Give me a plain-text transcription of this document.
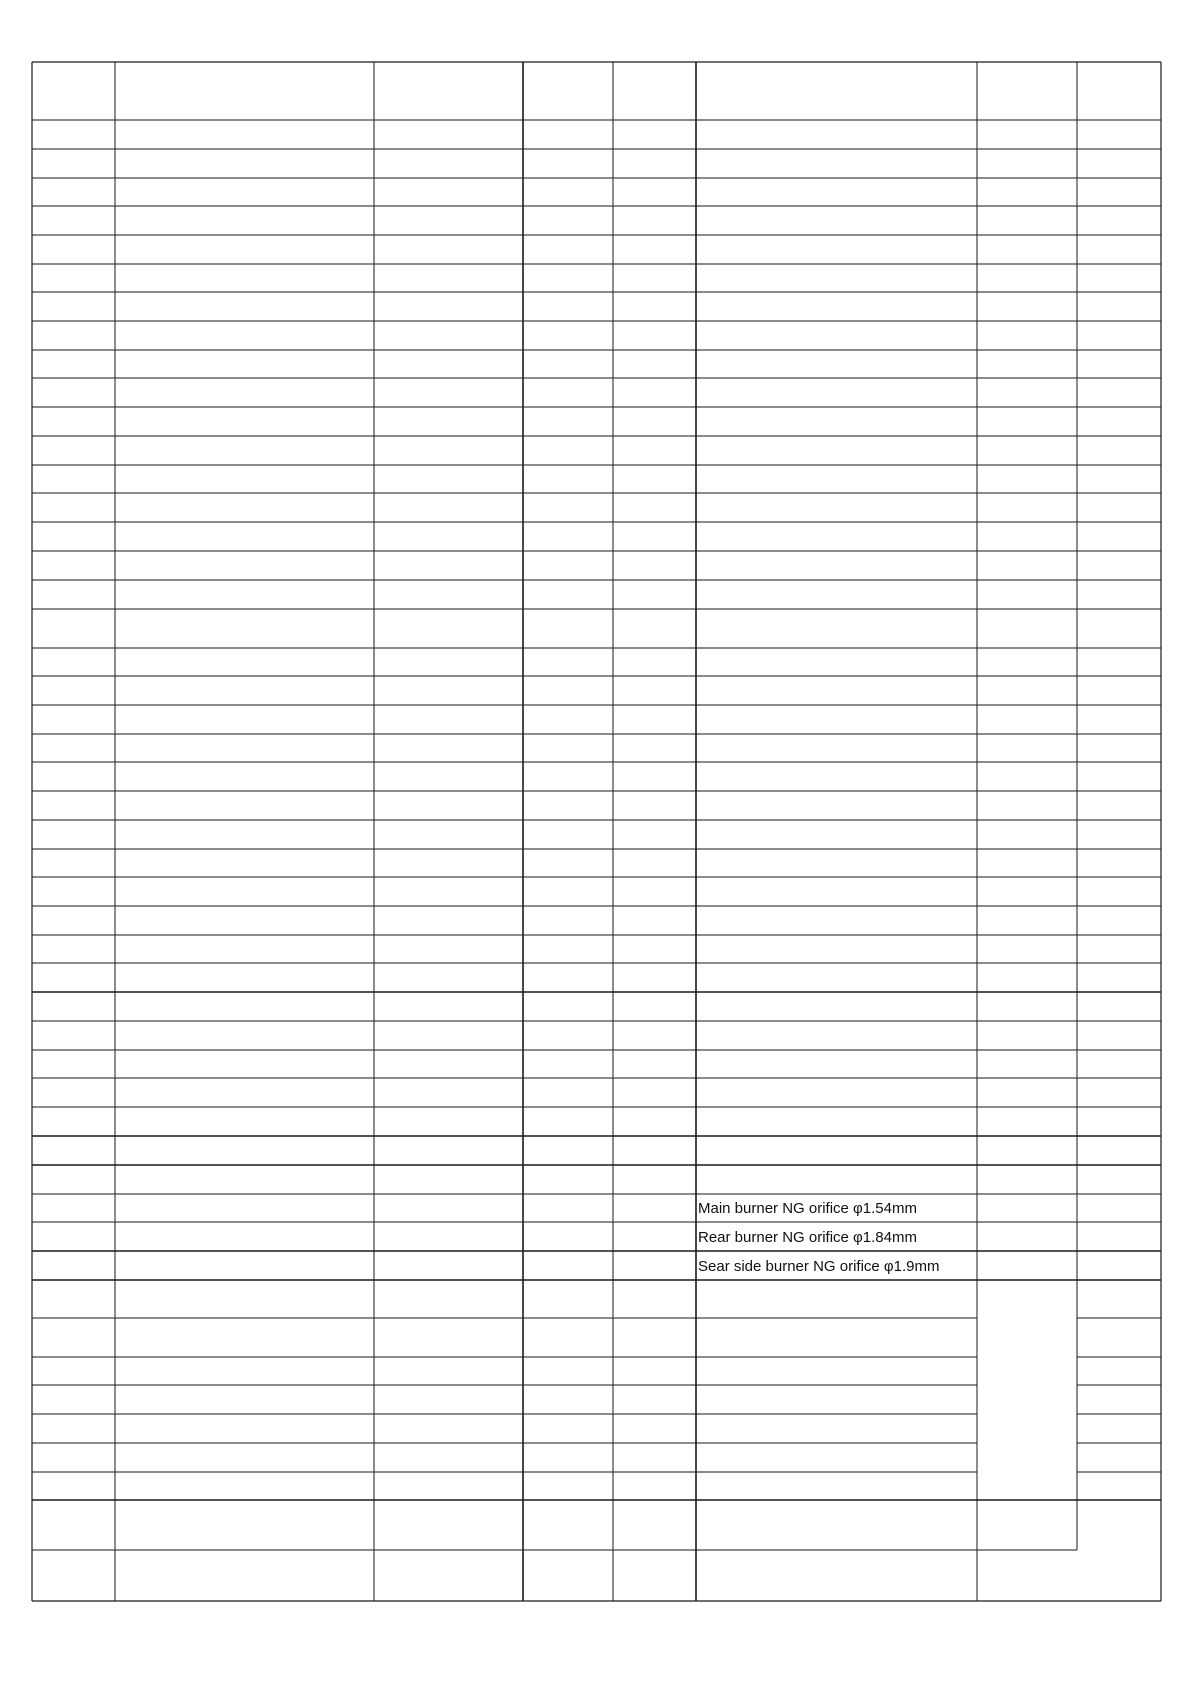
Main burner NG orifice φ1.54mm
Rear burner NG orifice φ1.84mm
Sear side burner NG orifice φ1.9mm
